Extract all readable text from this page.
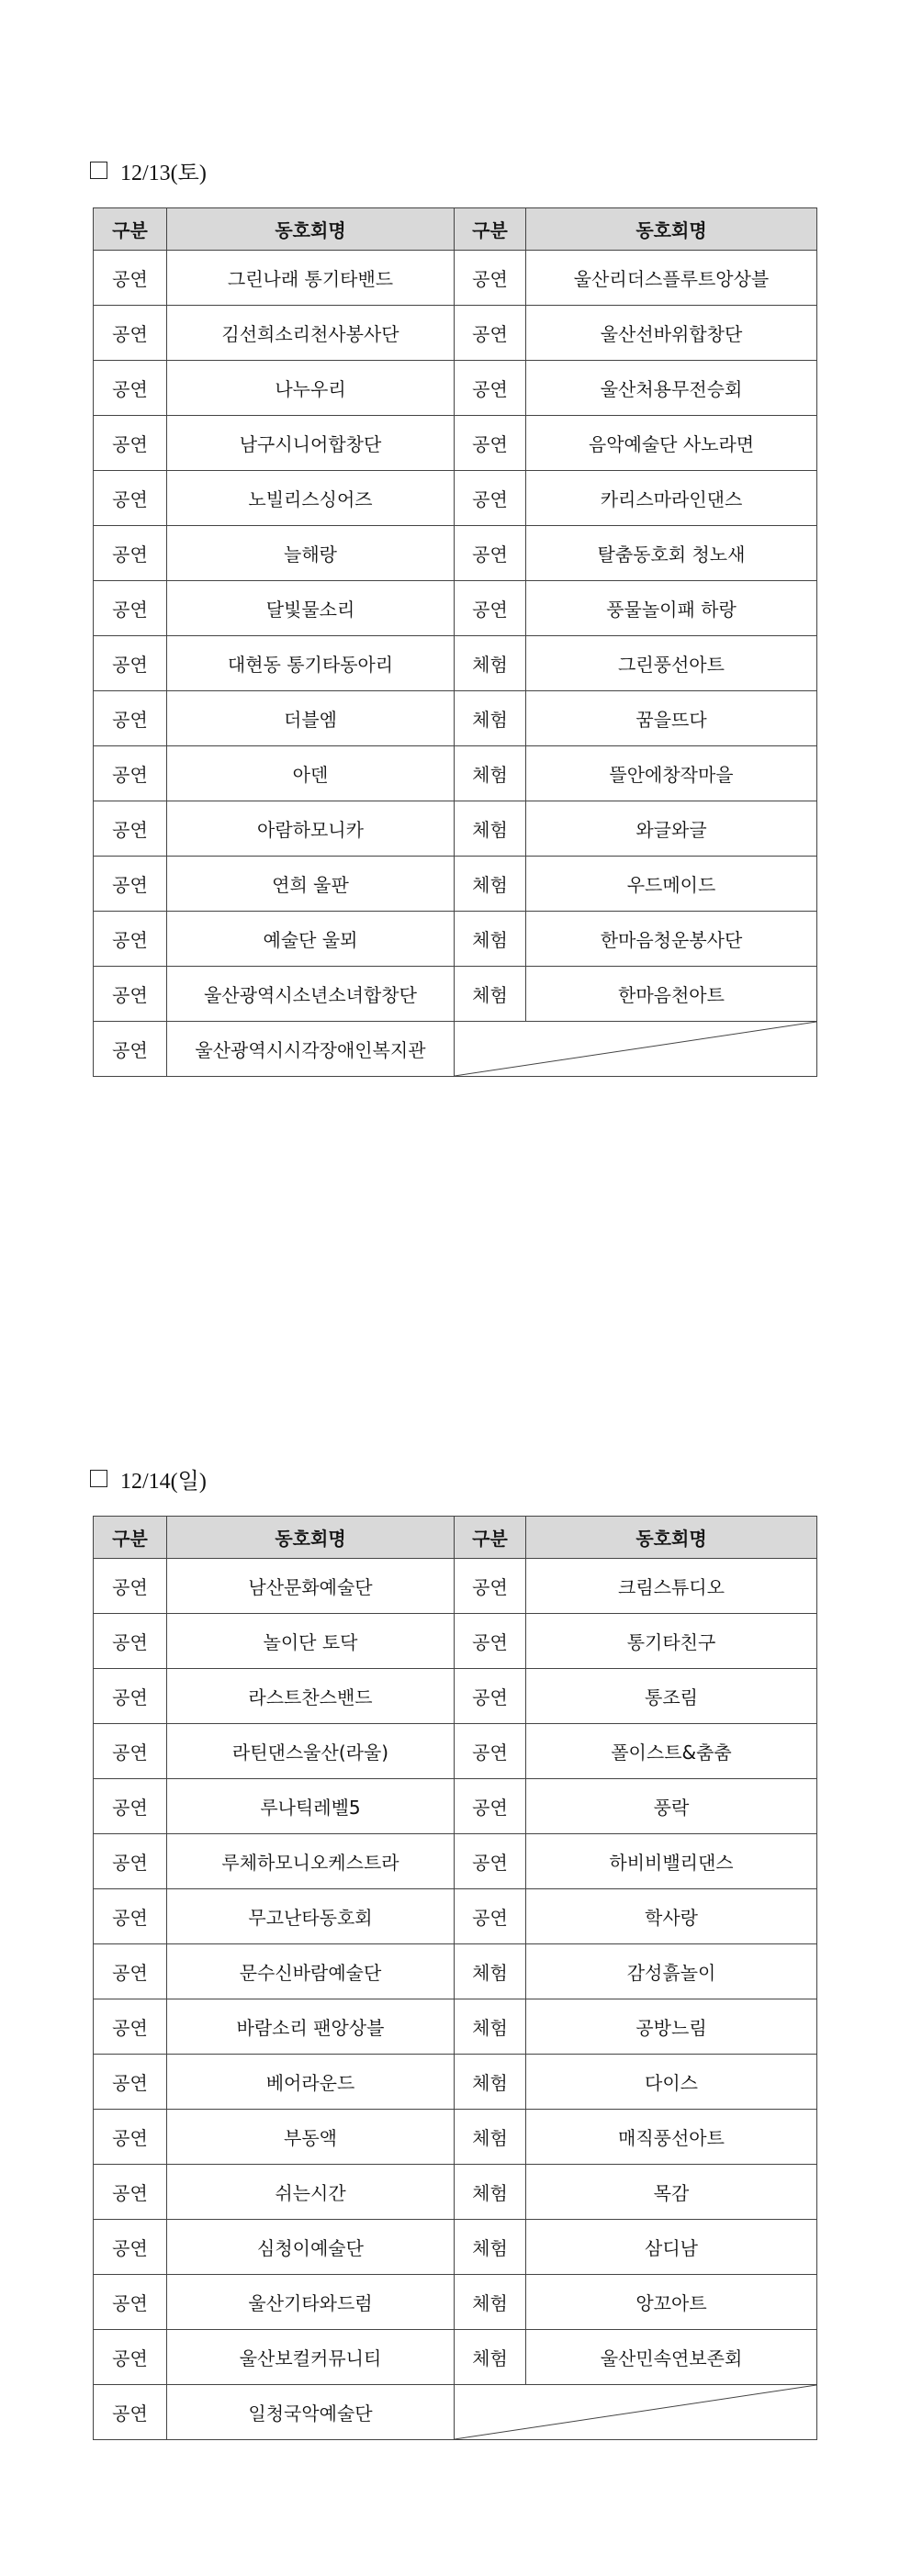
12/13(토)
구분	동호회명	구분	동호회명
공연	그린나래 통기타밴드	공연	울산리더스플루트앙상블
공연	김선희소리천사봉사단	공연	울산선바위합창단
공연	나누우리	공연	울산처용무전승회
공연	남구시니어합창단	공연	음악예술단 사노라면
공연	노빌리스싱어즈	공연	카리스마라인댄스
공연	늘해랑	공연	탈춤동호회 청노새
공연	달빛물소리	공연	풍물놀이패 하랑
공연	대현동 통기타동아리	체험	그린풍선아트
공연	더블엠	체험	꿈을뜨다
공연	아덴	체험	뜰안에창작마을
공연	아람하모니카	체험	와글와글
공연	연희 울판	체험	우드메이드
공연	예술단 울뫼	체험	한마음청운봉사단
공연	울산광역시소년소녀합창단	체험	한마음천아트
공연	울산광역시시각장애인복지관	
12/14(일)
구분	동호회명	구분	동호회명
공연	남산문화예술단	공연	크림스튜디오
공연	놀이단 토닥	공연	통기타친구
공연	라스트찬스밴드	공연	통조림
공연	라틴댄스울산(라울)	공연	폴이스트&춤춤
공연	루나틱레벨5	공연	풍락
공연	루체하모니오케스트라	공연	하비비밸리댄스
공연	무고난타동호회	공연	학사랑
공연	문수신바람예술단	체험	감성흙놀이
공연	바람소리 팬앙상블	체험	공방느림
공연	베어라운드	체험	다이스
공연	부동액	체험	매직풍선아트
공연	쉬는시간	체험	목감
공연	심청이예술단	체험	삼디남
공연	울산기타와드럼	체험	앙꼬아트
공연	울산보컬커뮤니티	체험	울산민속연보존회
공연	일청국악예술단	
